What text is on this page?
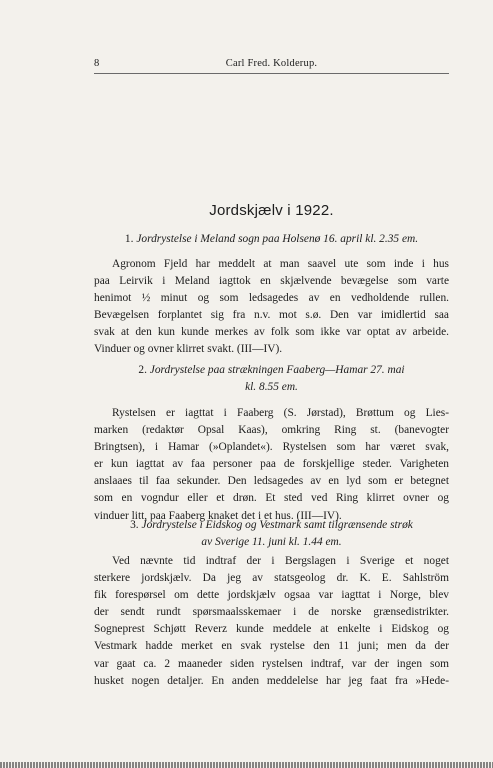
8	Carl Fred. Kolderup.
Jordskjælv i 1922.
1. Jordrystelse i Meland sogn paa Holsenø 16. april kl. 2.35 em.
Agronom Fjeld har meddelt at man saavel ute som inde i hus
paa Leirvik i Meland iagttok en skjælvende bevægelse som varte
henimot ½ minut og som ledsagedes av en vedholdende rullen.
Bevægelsen forplantet sig fra n.v. mot s.ø. Den var imidlertid saa
svak at den kun kunde merkes av folk som ikke var optat av arbeide.
Vinduer og ovner klirret svakt. (III—IV).
2. Jordrystelse paa strækningen Faaberg—Hamar 27. mai
kl. 8.55 em.
Rystelsen er iagttat i Faaberg (S. Jørstad), Brøttum og Lies-
marken (redaktør Opsal Kaas), omkring Ring st. (banevogter
Bringtsen), i Hamar (»Oplandet«). Rystelsen som har været svak,
er kun iagttat av faa personer paa de forskjellige steder. Varigheten
anslaaes til faa sekunder. Den ledsagedes av en lyd som er betegnet
som en vogndur eller et drøn. Et sted ved Ring klirret ovner og
vinduer litt, paa Faaberg knaket det i et hus. (III—IV).
3. Jordrystelse i Eidskog og Vestmark samt tilgrænsende strøk
av Sverige 11. juni kl. 1.44 em.
Ved nævnte tid indtraf der i Bergslagen i Sverige et noget
sterkere jordskjælv. Da jeg av statsgeolog dr. K. E. Sahlström
fik forespørsel om dette jordskjælv ogsaa var iagttat i Norge, blev
der sendt rundt spørsmaalsskemaer i de norske grænsedistrikter.
Sogneprest Schjøtt Reverz kunde meddele at enkelte i Eidskog og
Vestmark hadde merket en svak rystelse den 11 juni; men da der
var gaat ca. 2 maaneder siden rystelsen indtraf, var der ingen som
husket nogen detaljer. En anden meddelelse har jeg faat fra »Hede-
